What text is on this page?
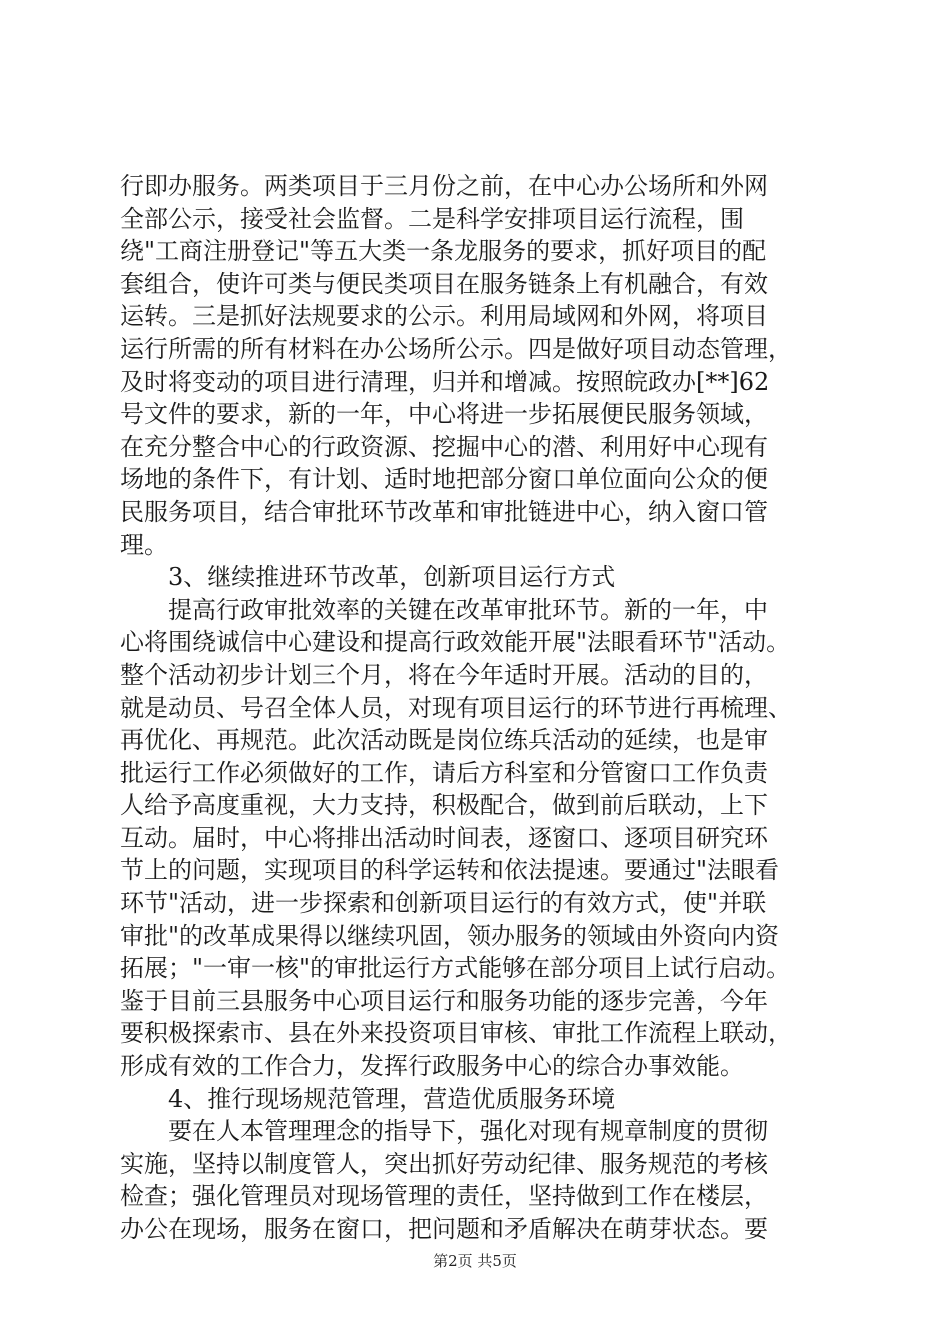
行即办服务。两类项目于三月份之前，在中心办公场所和外网
全部公示，接受社会监督。二是科学安排项目运行流程，围
绕"工商注册登记"等五大类一条龙服务的要求，抓好项目的配
套组合，使许可类与便民类项目在服务链条上有机融合，有效
运转。三是抓好法规要求的公示。利用局域网和外网，将项目
运行所需的所有材料在办公场所公示。四是做好项目动态管理，
及时将变动的项目进行清理，归并和增减。按照皖政办[**]62
号文件的要求，新的一年，中心将进一步拓展便民服务领域，
在充分整合中心的行政资源、挖掘中心的潜、利用好中心现有
场地的条件下，有计划、适时地把部分窗口单位面向公众的便
民服务项目，结合审批环节改革和审批链进中心，纳入窗口管
理。
3、继续推进环节改革，创新项目运行方式
提高行政审批效率的关键在改革审批环节。新的一年，中
心将围绕诚信中心建设和提高行政效能开展"法眼看环节"活动。
整个活动初步计划三个月，将在今年适时开展。活动的目的，
就是动员、号召全体人员，对现有项目运行的环节进行再梳理、
再优化、再规范。此次活动既是岗位练兵活动的延续，也是审
批运行工作必须做好的工作，请后方科室和分管窗口工作负责
人给予高度重视，大力支持，积极配合，做到前后联动，上下
互动。届时，中心将排出活动时间表，逐窗口、逐项目研究环
节上的问题，实现项目的科学运转和依法提速。要通过"法眼看
环节"活动，进一步探索和创新项目运行的有效方式，使"并联
审批"的改革成果得以继续巩固，领办服务的领域由外资向内资
拓展；"一审一核"的审批运行方式能够在部分项目上试行启动。
鉴于目前三县服务中心项目运行和服务功能的逐步完善，今年
要积极探索市、县在外来投资项目审核、审批工作流程上联动，
形成有效的工作合力，发挥行政服务中心的综合办事效能。
4、推行现场规范管理，营造优质服务环境
要在人本管理理念的指导下，强化对现有规章制度的贯彻
实施，坚持以制度管人，突出抓好劳动纪律、服务规范的考核
检查；强化管理员对现场管理的责任，坚持做到工作在楼层，
办公在现场，服务在窗口，把问题和矛盾解决在萌芽状态。要
第2页 共5页
